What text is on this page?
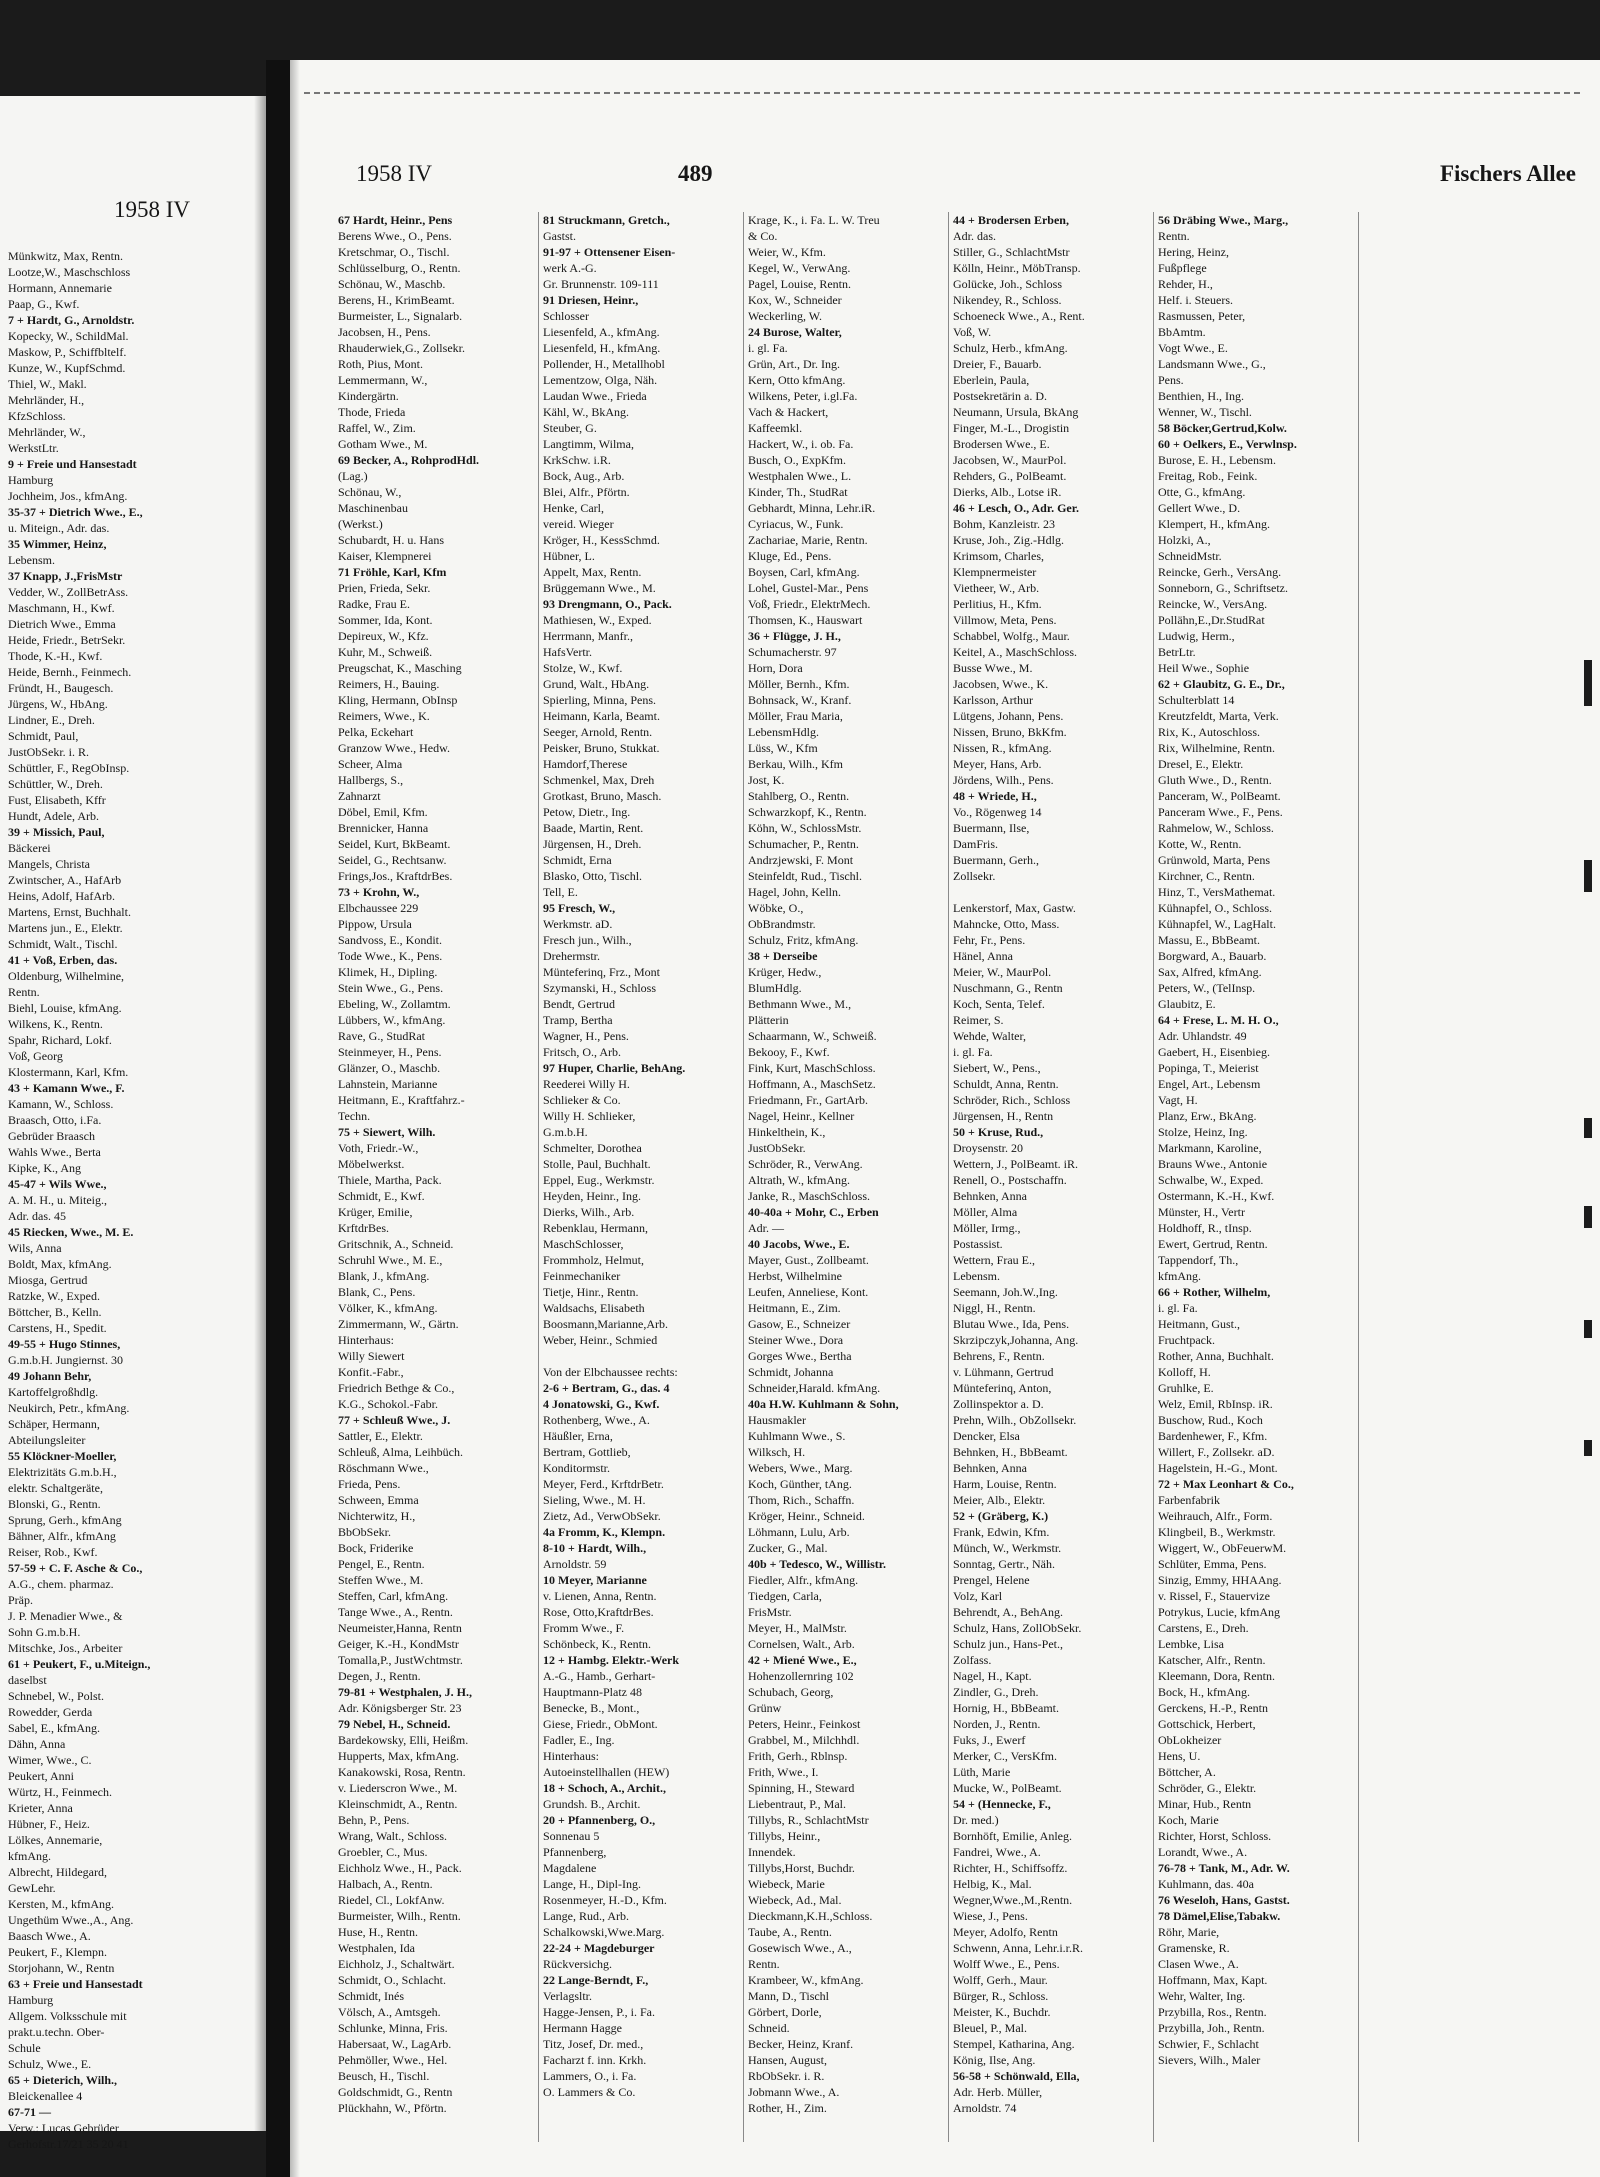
1958 IV
Münkwitz, Max, Rentn.
Lootze,W., Maschschloss
Hormann, Annemarie
Paap, G., Kwf.
7 + Hardt, G., Arnoldstr.
Kopecky, W., SchildMal.
Maskow, P., Schiffbltelf.
Kunze, W., KupfSchmd.
Thiel, W., Makl.
Mehrländer, H.,
KfzSchloss.
Mehrländer, W.,
WerkstLtr.
9 + Freie und Hansestadt
Hamburg
Jochheim, Jos., kfmAng.
35-37 + Dietrich Wwe., E.,
u. Miteign., Adr. das.
35 Wimmer, Heinz,
Lebensm.
37 Knapp, J.,FrisMstr
Vedder, W., ZollBetrAss.
Maschmann, H., Kwf.
Dietrich Wwe., Emma
Heide, Friedr., BetrSekr.
Thode, K.-H., Kwf.
Heide, Bernh., Feinmech.
Fründt, H., Baugesch.
Jürgens, W., HbAng.
Lindner, E., Dreh.
Schmidt, Paul,
JustObSekr. i. R.
Schüttler, F., RegObInsp.
Schüttler, W., Dreh.
Fust, Elisabeth, Kffr
Hundt, Adele, Arb.
39 + Missich, Paul,
Bäckerei
Mangels, Christa
Zwintscher, A., HafArb
Heins, Adolf, HafArb.
Martens, Ernst, Buchhalt.
Martens jun., E., Elektr.
Schmidt, Walt., Tischl.
41 + Voß, Erben, das.
Oldenburg, Wilhelmine,
Rentn.
Biehl, Louise, kfmAng.
Wilkens, K., Rentn.
Spahr, Richard, Lokf.
Voß, Georg
Klostermann, Karl, Kfm.
43 + Kamann Wwe., F.
Kamann, W., Schloss.
Braasch, Otto, i.Fa.
Gebrüder Braasch
Wahls Wwe., Berta
Kipke, K., Ang
45-47 + Wils Wwe.,
A. M. H., u. Miteig.,
Adr. das. 45
45 Riecken, Wwe., M. E.
Wils, Anna
Boldt, Max, kfmAng.
Miosga, Gertrud
Ratzke, W., Exped.
Böttcher, B., Kelln.
Carstens, H., Spedit.
49-55 + Hugo Stinnes,
G.m.b.H. Jungiernst. 30
49 Johann Behr,
Kartoffelgroßhdlg.
Neukirch, Petr., kfmAng.
Schäper, Hermann,
Abteilungsleiter
55 Klöckner-Moeller,
Elektrizitäts G.m.b.H.,
elektr. Schaltgeräte,
Blonski, G., Rentn.
Sprung, Gerh., kfmAng
Bähner, Alfr., kfmAng
Reiser, Rob., Kwf.
57-59 + C. F. Asche & Co.,
A.G., chem. pharmaz.
Präp.
J. P. Menadier Wwe., &
Sohn G.m.b.H.
Mitschke, Jos., Arbeiter
61 + Peukert, F., u.Miteign.,
daselbst
Schnebel, W., Polst.
Rowedder, Gerda
Sabel, E., kfmAng.
Dähn, Anna
Wimer, Wwe., C.
Peukert, Anni
Würtz, H., Feinmech.
Krieter, Anna
Hübner, F., Heiz.
Lölkes, Annemarie,
kfmAng.
Albrecht, Hildegard,
GewLehr.
Kersten, M., kfmAng.
Ungethüm Wwe.,A., Ang.
Baasch Wwe., A.
Peukert, F., Klempn.
Storjohann, W., Rentn
63 + Freie und Hansestadt
Hamburg
Allgem. Volksschule mit
prakt.u.techn. Ober-
Schule
Schulz, Wwe., E.
65 + Dieterich, Wilh.,
Bleickenallee 4
67-71 —
Verw.: Lucas Gebrüder
Gerhofstr.17/21 35 20 41
1958 IV	489	Fischers Allee
67 Hardt, Heinr., Pens
Berens Wwe., O., Pens.
Kretschmar, O., Tischl.
Schlüsselburg, O., Rentn.
Schönau, W., Maschb.
Berens, H., KrimBeamt.
Burmeister, L., Signalarb.
Jacobsen, H., Pens.
Rhauderwiek,G., Zollsekr.
Roth, Pius, Mont.
Lemmermann, W.,
Kindergärtn.
Thode, Frieda
Raffel, W., Zim.
Gotham Wwe., M.
69 Becker, A., RohprodHdl.
(Lag.)
Schönau, W.,
Maschinenbau
(Werkst.)
Schubardt, H. u. Hans
Kaiser, Klempnerei
71 Fröhle, Karl, Kfm
Prien, Frieda, Sekr.
Radke, Frau E.
Sommer, Ida, Kont.
Depireux, W., Kfz.
Kuhr, M., Schweiß.
Preugschat, K., Masching
Reimers, H., Bauing.
Kling, Hermann, ObInsp
Reimers, Wwe., K.
Pelka, Eckehart
Granzow Wwe., Hedw.
Scheer, Alma
Hallbergs, S.,
Zahnarzt
Döbel, Emil, Kfm.
Brennicker, Hanna
Seidel, Kurt, BkBeamt.
Seidel, G., Rechtsanw.
Frings,Jos., KraftdrBes.
73 + Krohn, W.,
Elbchaussee 229
Pippow, Ursula
Sandvoss, E., Kondit.
Tode Wwe., K., Pens.
Klimek, H., Dipling.
Stein Wwe., G., Pens.
Ebeling, W., Zollamtm.
Lübbers, W., kfmAng.
Rave, G., StudRat
Steinmeyer, H., Pens.
Glänzer, O., Maschb.
Lahnstein, Marianne
Heitmann, E., Kraftfahrz.-
Techn.
75 + Siewert, Wilh.
Voth, Friedr.-W.,
Möbelwerkst.
Thiele, Martha, Pack.
Schmidt, E., Kwf.
Krüger, Emilie,
KrftdrBes.
Gritschnik, A., Schneid.
Schruhl Wwe., M. E.,
Blank, J., kfmAng.
Blank, C., Pens.
Völker, K., kfmAng.
Zimmermann, W., Gärtn.
Hinterhaus:
Willy Siewert
Konfit.-Fabr.,
Friedrich Bethge & Co.,
K.G., Schokol.-Fabr.
77 + Schleuß Wwe., J.
Sattler, E., Elektr.
Schleuß, Alma, Leihbüch.
Röschmann Wwe.,
Frieda, Pens.
Schween, Emma
Nichterwitz, H.,
BbObSekr.
Bock, Friderike
Pengel, E., Rentn.
Steffen Wwe., M.
Steffen, Carl, kfmAng.
Tange Wwe., A., Rentn.
Neumeister,Hanna, Rentn
Geiger, K.-H., KondMstr
Tomalla,P., JustWchtmstr.
Degen, J., Rentn.
79-81 + Westphalen, J. H.,
Adr. Königsberger Str. 23
79 Nebel, H., Schneid.
Bardekowsky, Elli, Heißm.
Hupperts, Max, kfmAng.
Kanakowski, Rosa, Rentn.
v. Liederscron Wwe., M.
Kleinschmidt, A., Rentn.
Behn, P., Pens.
Wrang, Walt., Schloss.
Groebler, C., Mus.
Eichholz Wwe., H., Pack.
Halbach, A., Rentn.
Riedel, Cl., LokfAnw.
Burmeister, Wilh., Rentn.
Huse, H., Rentn.
Westphalen, Ida
Eichholz, J., Schaltwärt.
Schmidt, O., Schlacht.
Schmidt, Inés
Völsch, A., Amtsgeh.
Schlunke, Minna, Fris.
Habersaat, W., LagArb.
Pehmöller, Wwe., Hel.
Beusch, H., Tischl.
Goldschmidt, G., Rentn
Plückhahn, W., Pförtn.
81 Struckmann, Gretch.,
Gastst.
91-97 + Ottensener Eisen-
werk A.-G.
Gr. Brunnenstr. 109-111
91 Driesen, Heinr.,
Schlosser
Liesenfeld, A., kfmAng.
Liesenfeld, H., kfmAng.
Pollender, H., Metallhobl
Lementzow, Olga, Näh.
Laudan Wwe., Frieda
Kähl, W., BkAng.
Steuber, G.
Langtimm, Wilma,
KrkSchw. i.R.
Bock, Aug., Arb.
Blei, Alfr., Pförtn.
Henke, Carl,
vereid. Wieger
Kröger, H., KessSchmd.
Hübner, L.
Appelt, Max, Rentn.
Brüggemann Wwe., M.
93 Drengmann, O., Pack.
Mathiesen, W., Exped.
Herrmann, Manfr.,
HafsVertr.
Stolze, W., Kwf.
Grund, Walt., HbAng.
Spierling, Minna, Pens.
Heimann, Karla, Beamt.
Seeger, Arnold, Rentn.
Peisker, Bruno, Stukkat.
Hamdorf,Therese
Schmenkel, Max, Dreh
Grotkast, Bruno, Masch.
Petow, Dietr., Ing.
Baade, Martin, Rent.
Jürgensen, H., Dreh.
Schmidt, Erna
Blasko, Otto, Tischl.
Tell, E.
95 Fresch, W.,
Werkmstr. aD.
Fresch jun., Wilh.,
Drehermstr.
Münteferinq, Frz., Mont
Szymanski, H., Schloss
Bendt, Gertrud
Tramp, Bertha
Wagner, H., Pens.
Fritsch, O., Arb.
97 Huper, Charlie, BehAng.
Reederei Willy H.
Schlieker & Co.
Willy H. Schlieker,
G.m.b.H.
Schmelter, Dorothea
Stolle, Paul, Buchhalt.
Eppel, Eug., Werkmstr.
Heyden, Heinr., Ing.
Dierks, Wilh., Arb.
Rebenklau, Hermann,
MaschSchlosser,
Frommholz, Helmut,
Feinmechaniker
Tietje, Hinr., Rentn.
Waldsachs, Elisabeth
Boosmann,Marianne,Arb.
Weber, Heinr., Schmied
Von der Elbchaussee rechts:
2-6 + Bertram, G., das. 4
4 Jonatowski, G., Kwf.
Rothenberg, Wwe., A.
Häußler, Erna,
Bertram, Gottlieb,
Konditormstr.
Meyer, Ferd., KrftdrBetr.
Sieling, Wwe., M. H.
Zietz, Ad., VerwObSekr.
4a Fromm, K., Klempn.
8-10 + Hardt, Wilh.,
Arnoldstr. 59
10 Meyer, Marianne
v. Lienen, Anna, Rentn.
Rose, Otto,KraftdrBes.
Fromm Wwe., F.
Schönbeck, K., Rentn.
12 + Hambg. Elektr.-Werk
A.-G., Hamb., Gerhart-
Hauptmann-Platz 48
Benecke, B., Mont.,
Giese, Friedr., ObMont.
Fadler, E., Ing.
Hinterhaus:
Autoeinstellhallen (HEW)
18 + Schoch, A., Archit.,
Grundsh. B., Archit.
20 + Pfannenberg, O.,
Sonnenau 5
Pfannenberg,
Magdalene
Lange, H., Dipl-Ing.
Rosenmeyer, H.-D., Kfm.
Lange, Rud., Arb.
Schalkowski,Wwe.Marg.
22-24 + Magdeburger
Rückversichg.
22 Lange-Berndt, F.,
Verlagsltr.
Hagge-Jensen, P., i. Fa.
Hermann Hagge
Titz, Josef, Dr. med.,
Facharzt f. inn. Krkh.
Lammers, O., i. Fa.
O. Lammers & Co.
Krage, K., i. Fa. L. W. Treu
& Co.
Weier, W., Kfm.
Kegel, W., VerwAng.
Pagel, Louise, Rentn.
Kox, W., Schneider
Weckerling, W.
24 Burose, Walter,
i. gl. Fa.
Grün, Art., Dr. Ing.
Kern, Otto kfmAng.
Wilkens, Peter, i.gl.Fa.
Vach & Hackert,
Kaffeemkl.
Hackert, W., i. ob. Fa.
Busch, O., ExpKfm.
Westphalen Wwe., L.
Kinder, Th., StudRat
Gebhardt, Minna, Lehr.iR.
Cyriacus, W., Funk.
Zachariae, Marie, Rentn.
Kluge, Ed., Pens.
Boysen, Carl, kfmAng.
Lohel, Gustel-Mar., Pens
Voß, Friedr., ElektrMech.
Thomsen, K., Hauswart
36 + Flügge, J. H.,
Schumacherstr. 97
Horn, Dora
Möller, Bernh., Kfm.
Bohnsack, W., Kranf.
Möller, Frau Maria,
LebensmHdlg.
Lüss, W., Kfm
Berkau, Wilh., Kfm
Jost, K.
Stahlberg, O., Rentn.
Schwarzkopf, K., Rentn.
Köhn, W., SchlossMstr.
Schumacher, P., Rentn.
Andrzjewski, F. Mont
Steinfeldt, Rud., Tischl.
Hagel, John, Kelln.
Wöbke, O.,
ObBrandmstr.
Schulz, Fritz, kfmAng.
38 + Derseibe
Krüger, Hedw.,
BlumHdlg.
Bethmann Wwe., M.,
Plätterin
Schaarmann, W., Schweiß.
Bekooy, F., Kwf.
Fink, Kurt, MaschSchloss.
Hoffmann, A., MaschSetz.
Friedmann, Fr., GartArb.
Nagel, Heinr., Kellner
Hinkelthein, K.,
JustObSekr.
Schröder, R., VerwAng.
Altrath, W., kfmAng.
Janke, R., MaschSchloss.
40-40a + Mohr, C., Erben
Adr. —
40 Jacobs, Wwe., E.
Mayer, Gust., Zollbeamt.
Herbst, Wilhelmine
Leufen, Anneliese, Kont.
Heitmann, E., Zim.
Gasow, E., Schneizer
Steiner Wwe., Dora
Gorges Wwe., Bertha
Schmidt, Johanna
Schneider,Harald. kfmAng.
40a H.W. Kuhlmann & Sohn,
Hausmakler
Kuhlmann Wwe., S.
Wilksch, H.
Webers, Wwe., Marg.
Koch, Günther, tAng.
Thom, Rich., Schaffn.
Kröger, Heinr., Schneid.
Löhmann, Lulu, Arb.
Zucker, G., Mal.
40b + Tedesco, W., Willistr.
Fiedler, Alfr., kfmAng.
Tiedgen, Carla,
FrisMstr.
Meyer, H., MalMstr.
Cornelsen, Walt., Arb.
42 + Miené Wwe., E.,
Hohenzollernring 102
Schubach, Georg,
Grünw
Peters, Heinr., Feinkost
Grabbel, M., Milchhdl.
Frith, Gerh., Rblnsp.
Frith, Wwe., I.
Spinning, H., Steward
Liebentraut, P., Mal.
Tillybs, R., SchlachtMstr
Tillybs, Heinr.,
Innendek.
Tillybs,Horst, Buchdr.
Wiebeck, Marie
Wiebeck, Ad., Mal.
Dieckmann,K.H.,Schloss.
Taube, A., Rentn.
Gosewisch Wwe., A.,
Rentn.
Krambeer, W., kfmAng.
Mann, D., Tischl
Görbert, Dorle,
Schneid.
Becker, Heinz, Kranf.
Hansen, August,
RbObSekr. i. R.
Jobmann Wwe., A.
Rother, H., Zim.
44 + Brodersen Erben,
Adr. das.
Stiller, G., SchlachtMstr
Kölln, Heinr., MöbTransp.
Golücke, Joh., Schloss
Nikendey, R., Schloss.
Schoeneck Wwe., A., Rent.
Voß, W.
Schulz, Herb., kfmAng.
Dreier, F., Bauarb.
Eberlein, Paula,
Postsekretärin a. D.
Neumann, Ursula, BkAng
Finger, M.-L., Drogistin
Brodersen Wwe., E.
Jacobsen, W., MaurPol.
Rehders, G., PolBeamt.
Dierks, Alb., Lotse iR.
46 + Lesch, O., Adr. Ger.
Bohm, Kanzleistr. 23
Kruse, Joh., Zig.-Hdlg.
Krimsom, Charles,
Klempnermeister
Vietheer, W., Arb.
Perlitius, H., Kfm.
Villmow, Meta, Pens.
Schabbel, Wolfg., Maur.
Keitel, A., MaschSchloss.
Busse Wwe., M.
Jacobsen, Wwe., K.
Karlsson, Arthur
Lütgens, Johann, Pens.
Nissen, Bruno, BkKfm.
Nissen, R., kfmAng.
Meyer, Hans, Arb.
Jördens, Wilh., Pens.
48 + Wriede, H.,
Vo., Rögenweg 14
Buermann, Ilse,
DamFris.
Buermann, Gerh.,
Zollsekr.
Lenkerstorf, Max, Gastw.
Mahncke, Otto, Mass.
Fehr, Fr., Pens.
Hänel, Anna
Meier, W., MaurPol.
Nuschmann, G., Rentn
Koch, Senta, Telef.
Reimer, S.
Wehde, Walter,
i. gl. Fa.
Siebert, W., Pens.,
Schuldt, Anna, Rentn.
Schröder, Rich., Schloss
Jürgensen, H., Rentn
50 + Kruse, Rud.,
Droysenstr. 20
Wettern, J., PolBeamt. iR.
Renell, O., Postschaffn.
Behnken, Anna
Möller, Alma
Möller, Irmg.,
Postassist.
Wettern, Frau E.,
Lebensm.
Seemann, Joh.W.,Ing.
Niggl, H., Rentn.
Blutau Wwe., Ida, Pens.
Skrzipczyk,Johanna, Ang.
Behrens, F., Rentn.
v. Lühmann, Gertrud
Münteferinq, Anton,
Zollinspektor a. D.
Prehn, Wilh., ObZollsekr.
Dencker, Elsa
Behnken, H., BbBeamt.
Behnken, Anna
Harm, Louise, Rentn.
Meier, Alb., Elektr.
52 + (Gräberg, K.)
Frank, Edwin, Kfm.
Münch, W., Werkmstr.
Sonntag, Gertr., Näh.
Prengel, Helene
Volz, Karl
Behrendt, A., BehAng.
Schulz, Hans, ZollObSekr.
Schulz jun., Hans-Pet.,
Zolfass.
Nagel, H., Kapt.
Zindler, G., Dreh.
Hornig, H., BbBeamt.
Norden, J., Rentn.
Fuks, J., Ewerf
Merker, C., VersKfm.
Lüth, Marie
Mucke, W., PolBeamt.
54 + (Hennecke, F.,
Dr. med.)
Bornhöft, Emilie, Anleg.
Fandrei, Wwe., A.
Richter, H., Schiffsoffz.
Helbig, K., Mal.
Wegner,Wwe.,M.,Rentn.
Wiese, J., Pens.
Meyer, Adolfo, Rentn
Schwenn, Anna, Lehr.i.r.R.
Wolff Wwe., E., Pens.
Wolff, Gerh., Maur.
Bürger, R., Schloss.
Meister, K., Buchdr.
Bleuel, P., Mal.
Stempel, Katharina, Ang.
König, Ilse, Ang.
56-58 + Schönwald, Ella,
Adr. Herb. Müller,
Arnoldstr. 74
56 Dräbing Wwe., Marg.,
Rentn.
Hering, Heinz,
Fußpflege
Rehder, H.,
Helf. i. Steuers.
Rasmussen, Peter,
BbAmtm.
Vogt Wwe., E.
Landsmann Wwe., G.,
Pens.
Benthien, H., Ing.
Wenner, W., Tischl.
58 Böcker,Gertrud,Kolw.
60 + Oelkers, E., Verwlnsp.
Burose, E. H., Lebensm.
Freitag, Rob., Feink.
Otte, G., kfmAng.
Gellert Wwe., D.
Klempert, H., kfmAng.
Holzki, A.,
SchneidMstr.
Reincke, Gerh., VersAng.
Sonneborn, G., Schriftsetz.
Reincke, W., VersAng.
Pollähn,E.,Dr.StudRat
Ludwig, Herm.,
BetrLtr.
Heil Wwe., Sophie
62 + Glaubitz, G. E., Dr.,
Schulterblatt 14
Kreutzfeldt, Marta, Verk.
Rix, K., Autoschloss.
Rix, Wilhelmine, Rentn.
Dresel, E., Elektr.
Gluth Wwe., D., Rentn.
Panceram, W., PolBeamt.
Panceram Wwe., F., Pens.
Rahmelow, W., Schloss.
Kotte, W., Rentn.
Grünwold, Marta, Pens
Kirchner, C., Rentn.
Hinz, T., VersMathemat.
Kühnapfel, O., Schloss.
Kühnapfel, W., LagHalt.
Massu, E., BbBeamt.
Borgward, A., Bauarb.
Sax, Alfred, kfmAng.
Peters, W., (TelInsp.
Glaubitz, E.
64 + Frese, L. M. H. O.,
Adr. Uhlandstr. 49
Gaebert, H., Eisenbieg.
Popinga, T., Meierist
Engel, Art., Lebensm
Vagt, H.
Planz, Erw., BkAng.
Stolze, Heinz, Ing.
Markmann, Karoline,
Brauns Wwe., Antonie
Schwalbe, W., Exped.
Ostermann, K.-H., Kwf.
Münster, H., Vertr
Holdhoff, R., tInsp.
Ewert, Gertrud, Rentn.
Tappendorf, Th.,
kfmAng.
66 + Rother, Wilhelm,
i. gl. Fa.
Heitmann, Gust.,
Fruchtpack.
Rother, Anna, Buchhalt.
Kolloff, H.
Gruhlke, E.
Welz, Emil, RbInsp. iR.
Buschow, Rud., Koch
Bardenhewer, F., Kfm.
Willert, F., Zollsekr. aD.
Hagelstein, H.-G., Mont.
72 + Max Leonhart & Co.,
Farbenfabrik
Weihrauch, Alfr., Form.
Klingbeil, B., Werkmstr.
Wiggert, W., ObFeuerwM.
Schlüter, Emma, Pens.
Sinzig, Emmy, HHAAng.
v. Rissel, F., Stauervize
Potrykus, Lucie, kfmAng
Carstens, E., Dreh.
Lembke, Lisa
Katscher, Alfr., Rentn.
Kleemann, Dora, Rentn.
Bock, H., kfmAng.
Gerckens, H.-P., Rentn
Gottschick, Herbert,
ObLokheizer
Hens, U.
Böttcher, A.
Schröder, G., Elektr.
Minar, Hub., Rentn
Koch, Marie
Richter, Horst, Schloss.
Lorandt, Wwe., A.
76-78 + Tank, M., Adr. W.
Kuhlmann, das. 40a
76 Weseloh, Hans, Gastst.
78 Dämel,Elise,Tabakw.
Röhr, Marie,
Gramenske, R.
Clasen Wwe., A.
Hoffmann, Max, Kapt.
Wehr, Walter, Ing.
Przybilla, Ros., Rentn.
Przybilla, Joh., Rentn.
Schwier, F., Schlacht
Sievers, Wilh., Maler
